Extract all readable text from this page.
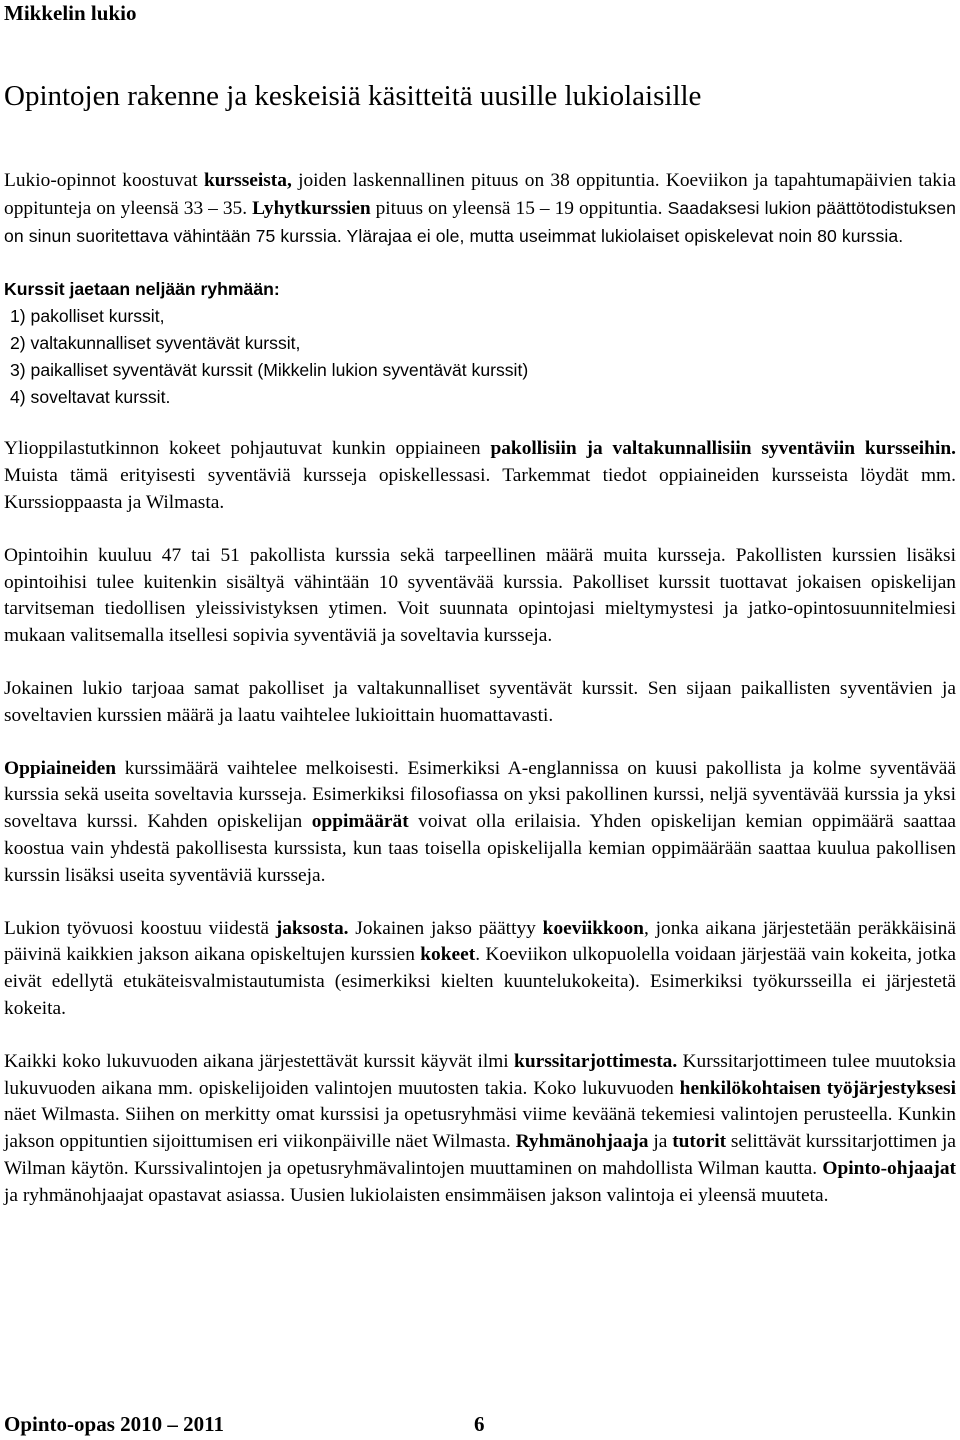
Mikkelin lukio
Opintojen rakenne ja keskeisiä käsitteitä uusille lukiolaisille

Lukio-opinnot koostuvat kursseista, joiden laskennallinen pituus on 38 oppituntia. Koeviikon ja tapahtumapäivien takia oppitunteja on yleensä 33 – 35. Lyhytkurssien pituus on yleensä 15 – 19 oppituntia. Saadaksesi lukion päättötodistuksen on sinun suoritettava vähintään 75 kurssia. Ylärajaa ei ole, mutta useimmat lukiolaiset opiskelevat noin 80 kurssia.

Kurssit jaetaan neljään ryhmään:
1) pakolliset kurssit,
2) valtakunnalliset syventävät kurssit,
3) paikalliset syventävät kurssit (Mikkelin lukion syventävät kurssit)
4) soveltavat kurssit.

Ylioppilastutkinnon kokeet pohjautuvat kunkin oppiaineen pakollisiin ja valtakunnallisiin syventäviin kursseihin. Muista tämä erityisesti syventäviä kursseja opiskellessasi. Tarkemmat tiedot oppiaineiden kursseista löydät mm. Kurssioppaasta ja Wilmasta.

Opintoihin kuuluu 47 tai 51 pakollista kurssia sekä tarpeellinen määrä muita kursseja. Pakollisten kurssien lisäksi opintoihisi tulee kuitenkin sisältyä vähintään 10 syventävää kurssia. Pakolliset kurssit tuottavat jokaisen opiskelijan tarvitseman tiedollisen yleissivistyksen ytimen. Voit suunnata opintojasi mieltymystesi ja jatko-opintosuunnitelmiesi mukaan valitsemalla itsellesi sopivia syventäviä ja soveltavia kursseja.

Jokainen lukio tarjoaa samat pakolliset ja valtakunnalliset syventävät kurssit. Sen sijaan paikallisten syventävien ja soveltavien kurssien määrä ja laatu vaihtelee lukioittain huomattavasti.

Oppiaineiden kurssimäärä vaihtelee melkoisesti. Esimerkiksi A-englannissa on kuusi pakollista ja kolme syventävää kurssia sekä useita soveltavia kursseja. Esimerkiksi filosofiassa on yksi pakollinen kurssi, neljä syventävää kurssia ja yksi soveltava kurssi. Kahden opiskelijan oppimäärät voivat olla erilaisia. Yhden opiskelijan kemian oppimäärä saattaa koostua vain yhdestä pakollisesta kurssista, kun taas toisella opiskelijalla kemian oppimäärään saattaa kuulua pakollisen kurssin lisäksi useita syventäviä kursseja.

Lukion työvuosi koostuu viidestä jaksosta. Jokainen jakso päättyy koeviikkoon, jonka aikana järjestetään peräkkäisinä päivinä kaikkien jakson aikana opiskeltujen kurssien kokeet. Koeviikon ulkopuolella voidaan järjestää vain kokeita, jotka eivät edellytä etukäteisvalmistautumista (esimerkiksi kielten kuuntelukokeita). Esimerkiksi työkursseilla ei järjestetä kokeita.

Kaikki koko lukuvuoden aikana järjestettävät kurssit käyvät ilmi kurssitarjottimesta. Kurssitarjottimeen tulee muutoksia lukuvuoden aikana mm. opiskelijoiden valintojen muutosten takia. Koko lukuvuoden henkilökohtaisen työjärjestyksesi näet Wilmasta. Siihen on merkitty omat kurssisi ja opetusryhmäsi viime keväänä tekemiesi valintojen perusteella. Kunkin jakson oppituntien sijoittumisen eri viikonpäiville näet Wilmasta. Ryhmänohjaaja ja tutorit selittävät kurssitarjottimen ja Wilman käytön. Kurssivalintojen ja opetusryhmävalintojen muuttaminen on mahdollista Wilman kautta. Opinto-ohjaajat ja ryhmänohjaajat opastavat asiassa. Uusien lukiolaisten ensimmäisen jakson valintoja ei yleensä muuteta.

Opinto-opas 2010 – 2011	6
